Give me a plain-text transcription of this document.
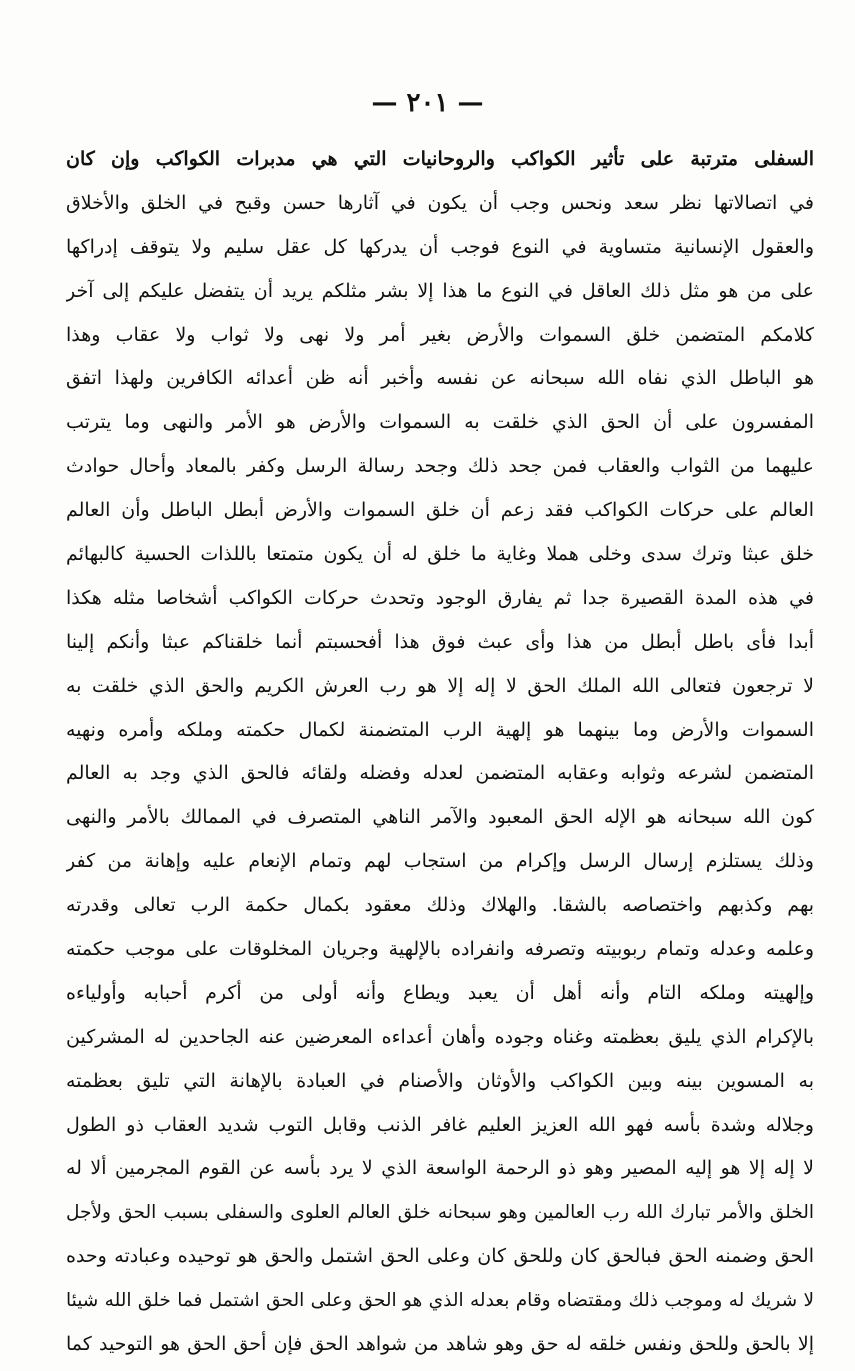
— ٢٠١ —
السفلى مترتبة على تأثير الكواكب والروحانيات التي هي مدبرات الكواكب وإن كان
في اتصالاتها نظر سعد ونحس وجب أن يكون في آثارها حسن وقبح في الخلق والأخلاق
والعقول الإنسانية متساوية في النوع فوجب أن يدركها كل عقل سليم ولا يتوقف إدراكها
على من هو مثل ذلك العاقل في النوع ما هذا إلا بشر مثلكم يريد أن يتفضل عليكم إلى آخر
كلامكم المتضمن خلق السموات والأرض بغير أمر ولا نهى ولا ثواب ولا عقاب وهذا
هو الباطل الذي نفاه الله سبحانه عن نفسه وأخبر أنه ظن أعدائه الكافرين ولهذا اتفق
المفسرون على أن الحق الذي خلقت به السموات والأرض هو الأمر والنهى وما يترتب
عليهما من الثواب والعقاب فمن جحد ذلك وجحد رسالة الرسل وكفر بالمعاد وأحال حوادث
العالم على حركات الكواكب فقد زعم أن خلق السموات والأرض أبطل الباطل وأن العالم
خلق عبثا وترك سدى وخلى هملا وغاية ما خلق له أن يكون متمتعا باللذات الحسية كالبهائم
في هذه المدة القصيرة جدا ثم يفارق الوجود وتحدث حركات الكواكب أشخاصا مثله هكذا
أبدا فأى باطل أبطل من هذا وأى عبث فوق هذا أفحسبتم أنما خلقناكم عبثا وأنكم إلينا
لا ترجعون فتعالى الله الملك الحق لا إله إلا هو رب العرش الكريم والحق الذي خلقت به
السموات والأرض وما بينهما هو إلهية الرب المتضمنة لكمال حكمته وملكه وأمره ونهيه
المتضمن لشرعه وثوابه وعقابه المتضمن لعدله وفضله ولقائه فالحق الذي وجد به العالم
كون الله سبحانه هو الإله الحق المعبود والآمر الناهي المتصرف في الممالك بالأمر والنهى
وذلك يستلزم إرسال الرسل وإكرام من استجاب لهم وتمام الإنعام عليه وإهانة من كفر
بهم وكذبهم واختصاصه بالشقا. والهلاك وذلك معقود بكمال حكمة الرب تعالى وقدرته
وعلمه وعدله وتمام ربوبيته وتصرفه وانفراده بالإلهية وجريان المخلوقات على موجب حكمته
وإلهيته وملكه التام وأنه أهل أن يعبد ويطاع وأنه أولى من أكرم أحبابه وأولياءه
بالإكرام الذي يليق بعظمته وغناه وجوده وأهان أعداءه المعرضين عنه الجاحدين له المشركين
به المسوين بينه وبين الكواكب والأوثان والأصنام في العبادة بالإهانة التي تليق بعظمته
وجلاله وشدة بأسه فهو الله العزيز العليم غافر الذنب وقابل التوب شديد العقاب ذو الطول
لا إله إلا هو إليه المصير وهو ذو الرحمة الواسعة الذي لا يرد بأسه عن القوم المجرمين ألا له
الخلق والأمر تبارك الله رب العالمين وهو سبحانه خلق العالم العلوى والسفلى بسبب الحق ولأجل
الحق وضمنه الحق فبالحق كان وللحق كان وعلى الحق اشتمل والحق هو توحيده وعبادته وحده
لا شريك له وموجب ذلك ومقتضاه وقام بعدله الذي هو الحق وعلى الحق اشتمل فما خلق الله شيئا
إلا بالحق وللحق ونفس خلقه له حق وهو شاهد من شواهد الحق فإن أحق الحق هو التوحيد كما
